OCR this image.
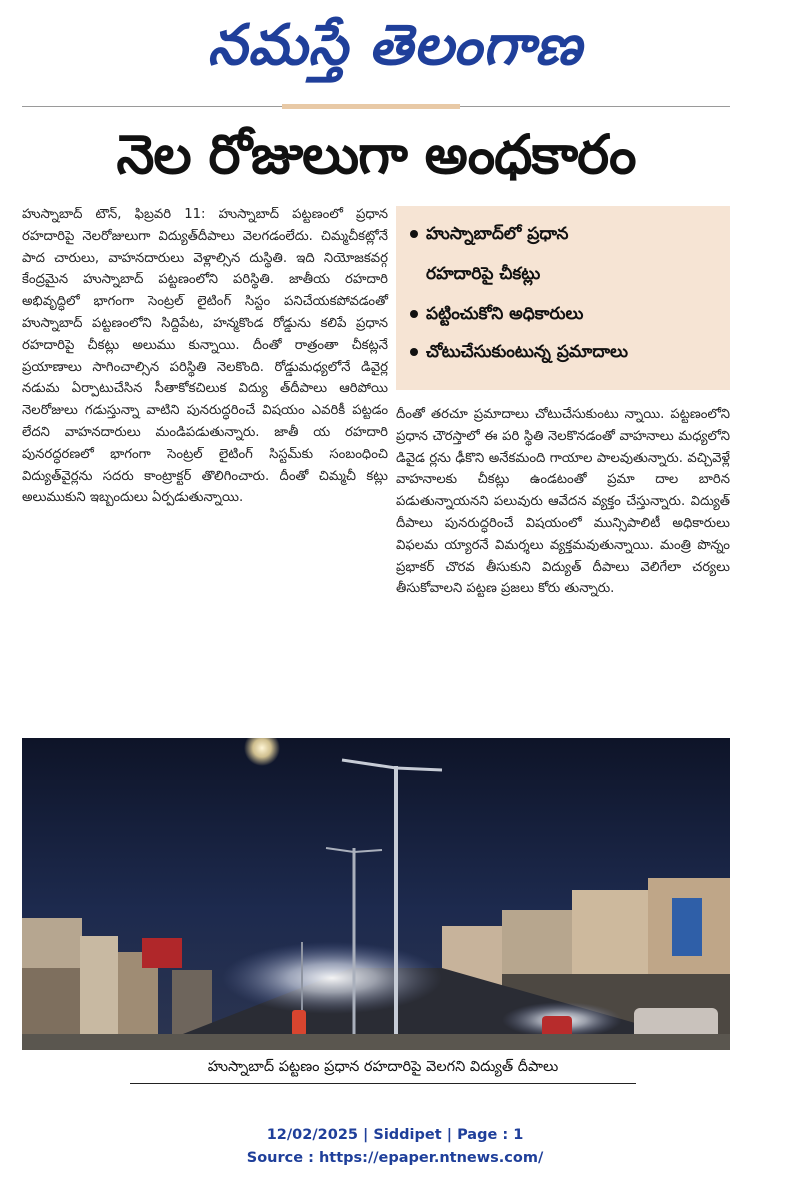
నమస్తే తెలంగాణ
నెల రోజులుగా అంధకారం
హుస్నాబాద్ టౌన్, ఫిబ్రవరి 11: హుస్నాబాద్ పట్టణంలో ప్రధాన రహదారిపై నెలరోజులుగా విద్యుత్‌దీపాలు వెలగడంలేదు. చిమ్మచీకట్లోనే పాద చారులు, వాహనదారులు వెళ్లాల్సిన దుస్థితి. ఇది నియోజకవర్గ కేంద్రమైన హుస్నాబాద్ పట్టణంలోని పరిస్థితి. జాతీయ రహదారి అభివృద్ధిలో భాగంగా సెంట్రల్ లైటింగ్ సిస్టం పనిచేయకపోవడంతో హుస్నాబాద్ పట్టణంలోని సిద్దిపేట, హన్మకొండ రోడ్డును కలిపే ప్రధాన రహదారిపై చీకట్లు అలుము కున్నాయి. దీంతో రాత్రంతా చీకట్లనే ప్రయాణాలు సాగించాల్సిన పరిస్థితి నెలకొంది. రోడ్డుమధ్యలోనే డివైర్ల నడుమ ఏర్పాటుచేసిన సీతాకోకచిలుక విద్యు త్‌దీపాలు ఆరిపోయి నెలరోజులు గడుస్తున్నా వాటిని పునరుద్ధరించే విషయం ఎవరికీ పట్టడం లేదని వాహనదారులు మండిపడుతున్నారు. జాతీ య రహదారి పునరద్ధరణలో భాగంగా సెంట్రల్ లైటింగ్ సిస్టమ్‌కు సంబంధించి విద్యుత్‌వైర్లను సదరు కాంట్రాక్టర్ తొలిగించారు. దీంతో చిమ్మచీ కట్లు అలుముకుని ఇబ్బందులు ఏర్పడుతున్నాయి.
హుస్నాబాద్‌లో ప్రధాన
రహదారిపై చీకట్లు
పట్టించుకోని అధికారులు
చోటుచేసుకుంటున్న ప్రమాదాలు
దీంతో తరచూ ప్రమాదాలు చోటుచేసుకుంటు న్నాయి. పట్టణంలోని ప్రధాన చౌరస్తాలో ఈ పరి స్థితి నెలకొనడంతో వాహనాలు మధ్యలోని డివైడ ర్లను ఢీకొని అనేకమంది గాయాల పాలవుతున్నారు. వచ్చివెళ్లే వాహనాలకు చీకట్లు ఉండటంతో ప్రమా దాల బారిన పడుతున్నాయనని పలువురు ఆవేదన వ్యక్తం చేస్తున్నారు. విద్యుత్ దీపాలు పునరుద్ధరించే విషయంలో మున్సిపాలిటీ అధికారులు విఫలమ య్యారనే విమర్శలు వ్యక్తమవుతున్నాయి. మంత్రి పొన్నం ప్రభాకర్ చొరవ తీసుకుని విద్యుత్ దీపాలు వెలిగేలా చర్యలు తీసుకోవాలని పట్టణ ప్రజలు కోరు తున్నారు.
హుస్నాబాద్ పట్టణం ప్రధాన రహదారిపై వెలగని విద్యుత్ దీపాలు
12/02/2025 | Siddipet | Page : 1
Source : https://epaper.ntnews.com/
